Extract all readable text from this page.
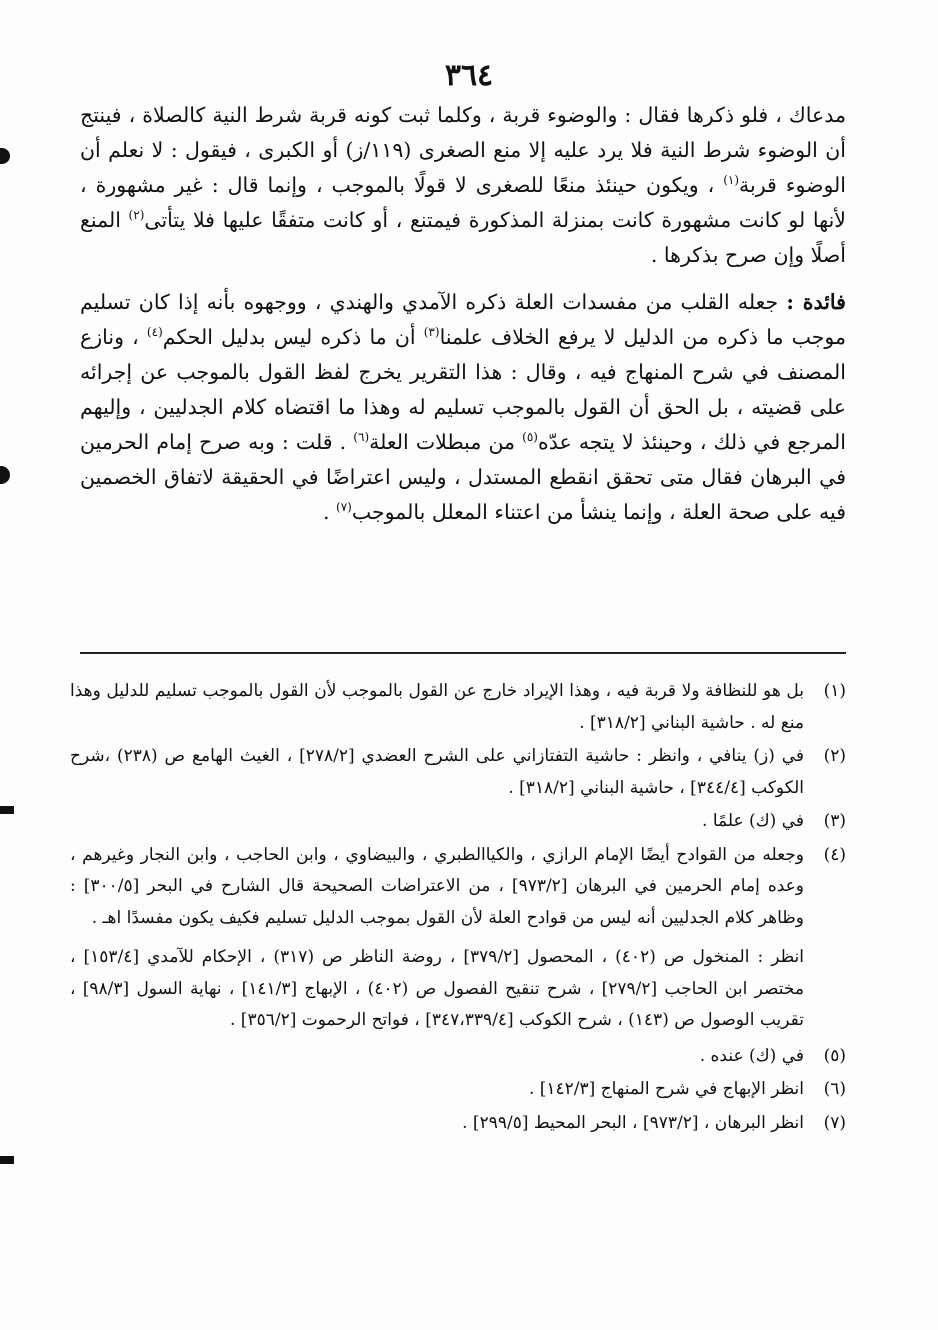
٣٦٤

مدعاك ، فلو ذكرها فقال : والوضوء قربة ، وكلما ثبت كونه قربة شرط النية كالصلاة ، فينتج أن الوضوء شرط النية فلا يرد عليه إلا منع الصغرى (١١٩/ز) أو الكبرى ، فيقول : لا نعلم أن الوضوء قربة$^{(١)}$ ، ويكون حينئذ منعًا للصغرى لا قولًا بالموجب ، وإنما قال : غير مشهورة ، لأنها لو كانت مشهورة كانت بمنزلة المذكورة فيمتنع ، أو كانت متفقًا عليها فلا يتأتى$^{(٢)}$ المنع أصلًا وإن صرح بذكرها .

فائدة : جعله القلب من مفسدات العلة ذكره الآمدي والهندي ، ووجهوه بأنه إذا كان تسليم موجب ما ذكره من الدليل لا يرفع الخلاف علمنا$^{(٣)}$ أن ما ذكره ليس بدليل الحكم$^{(٤)}$ ، ونازع المصنف في شرح المنهاج فيه ، وقال : هذا التقرير يخرج لفظ القول بالموجب عن إجرائه على قضيته ، بل الحق أن القول بالموجب تسليم له وهذا ما اقتضاه كلام الجدليين ، وإليهم المرجع في ذلك ، وحينئذ لا يتجه عدّه$^{(٥)}$ من مبطلات العلة$^{(٦)}$ . قلت : وبه صرح إمام الحرمين في البرهان فقال متى تحقق انقطع المستدل ، وليس اعتراضًا في الحقيقة لاتفاق الخصمين فيه على صحة العلة ، وإنما ينشأ من اعتناء المعلل بالموجب$^{(٧)}$ .

(١)
بل هو للنظافة ولا قربة فيه ، وهذا الإيراد خارج عن القول بالموجب لأن القول بالموجب تسليم للدليل وهذا منع له . حاشية البناني [٣١٨/٢] .
(٢)
في (ز) ينافي ، وانظر : حاشية التفتازاني على الشرح العضدي [٢٧٨/٢] ، الغيث الهامع ص (٢٣٨) ،شرح الكوكب [٣٤٤/٤] ، حاشية البناني [٣١٨/٢] .
(٣)
في (ك) علمًا .
(٤)
وجعله من القوادح أيضًا الإمام الرازي ، والكياالطبري ، والبيضاوي ، وابن الحاجب ، وابن النجار وغيرهم ، وعده إمام الحرمين في البرهان [٩٧٣/٢] ، من الاعتراضات الصحيحة قال الشارح في البحر [٣٠٠/٥] : وظاهر كلام الجدليين أنه ليس من قوادح العلة لأن القول بموجب الدليل تسليم فكيف يكون مفسدًا اهـ .
انظر : المنخول ص (٤٠٢) ، المحصول [٣٧٩/٢] ، روضة الناظر ص (٣١٧) ، الإحكام للآمدي [١٥٣/٤] ، مختصر ابن الحاجب [٢٧٩/٢] ، شرح تنقيح الفصول ص (٤٠٢) ، الإبهاج [١٤١/٣] ، نهاية السول [٩٨/٣] ، تقريب الوصول ص (١٤٣) ، شرح الكوكب [٣٤٧،٣٣٩/٤] ، فواتح الرحموت [٣٥٦/٢] .
(٥)
في (ك) عنده .
(٦)
انظر الإبهاج في شرح المنهاج [١٤٢/٣] .
(٧)
انظر البرهان ، [٩٧٣/٢] ، البحر المحيط [٢٩٩/٥] .
